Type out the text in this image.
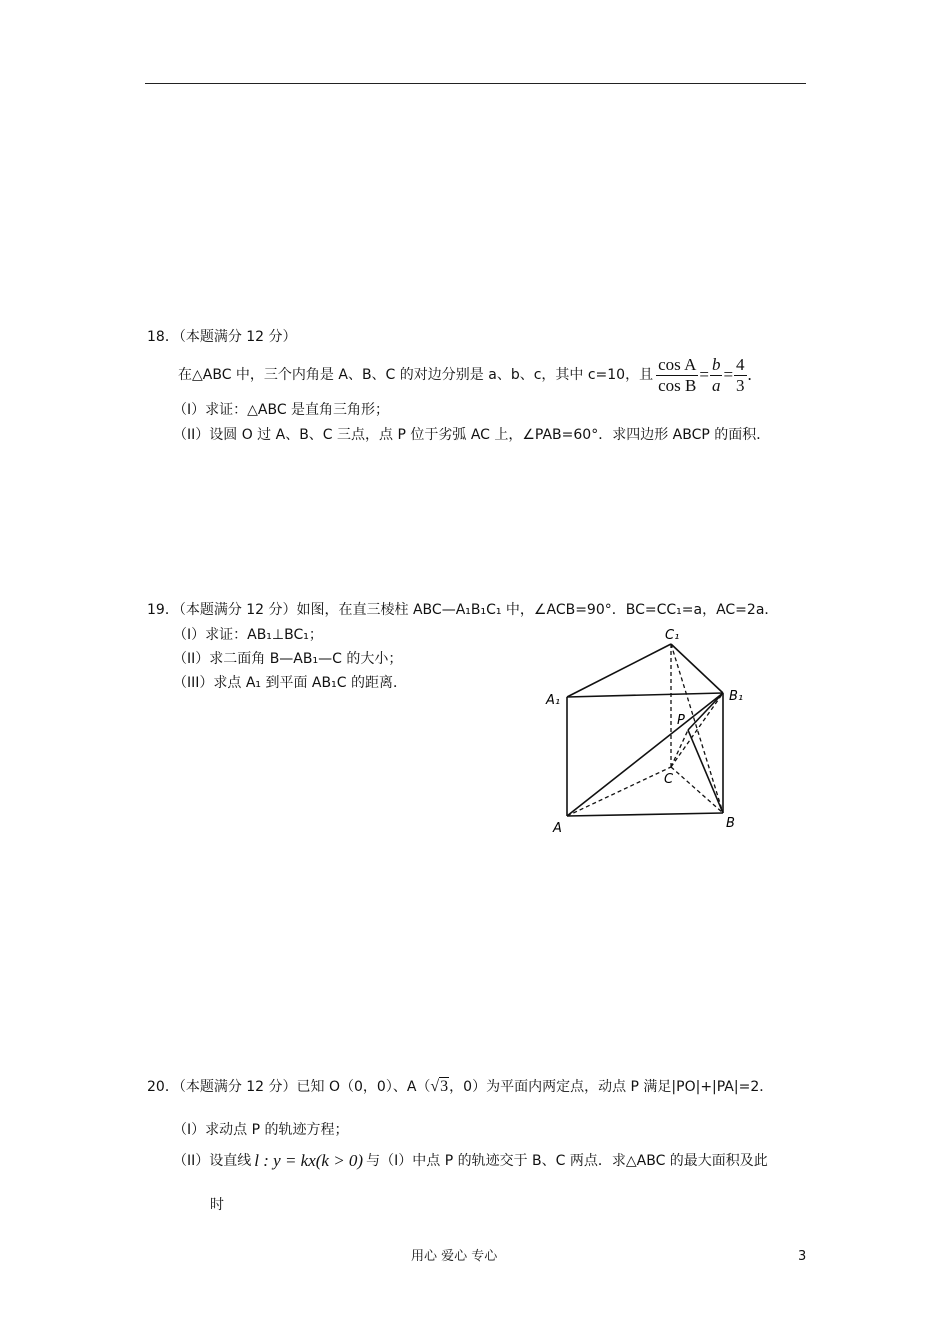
18．（本题满分 12 分）
在△ABC 中，三个内角是 A、B、C 的对边分别是 a、b、c，其中 c=10，且 $\frac{\text{cos A}}{\text{cos B}} = \frac{b}{a} = \frac{4}{3}$ .
（I）求证：△ABC 是直角三角形；
（II）设圆 O 过 A、B、C 三点，点 P 位于劣弧 AC 上，∠PAB=60°．求四边形 ABCP 的面积．
19．（本题满分 12 分）如图，在直三棱柱 ABC—A₁B₁C₁ 中，∠ACB=90°．BC=CC₁=a，AC=2a．
（I）求证：AB₁⊥BC₁；
（II）求二面角 B—AB₁—C 的大小；
（III）求点 A₁ 到平面 AB₁C 的距离．
C₁
A₁	B₁
P
C
A	B
20．（本题满分 12 分）已知 O（0，0）、A（ √3 ，0）为平面内两定点，动点 P 满足|PO|+|PA|=2．
（I）求动点 P 的轨迹方程；
（II）设直线 l : y = kx(k > 0) 与（I）中点 P 的轨迹交于 B、C 两点．求△ABC 的最大面积及此
时
用心 爱心 专心	3
